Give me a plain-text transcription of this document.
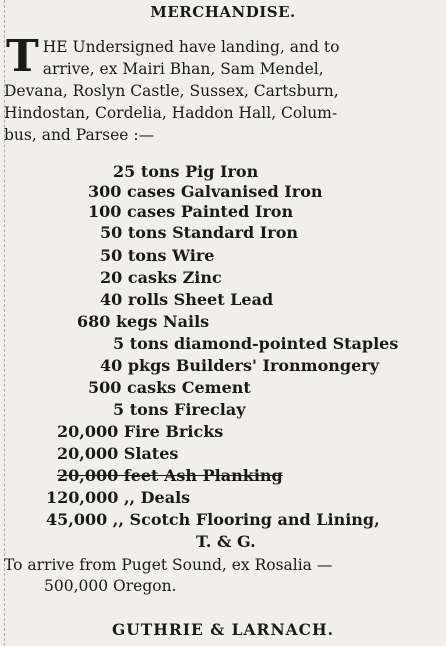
MERCHANDISE.
T HE Undersigned have landing, and to
arrive, ex Mairi Bhan, Sam Mendel,
Devana, Roslyn Castle, Sussex, Cartsburn,
Hindostan, Cordelia, Haddon Hall, Colum-
bus, and Parsee :—
25 tons Pig Iron
300 cases Galvanised Iron
100 cases Painted Iron
50 tons Standard Iron
50 tons Wire
20 casks Zinc
40 rolls Sheet Lead
680 kegs Nails
5 tons diamond-pointed Staples
40 pkgs Builders' Ironmongery
500 casks Cement
5 tons Fireclay
20,000 Fire Bricks
20,000 Slates
20,000 feet Ash Planking
120,000 ,, Deals
45,000 ,, Scotch Flooring and Lining,
T. & G.
To arrive from Puget Sound, ex Rosalia —
500,000 Oregon.
GUTHRIE & LARNACH.
